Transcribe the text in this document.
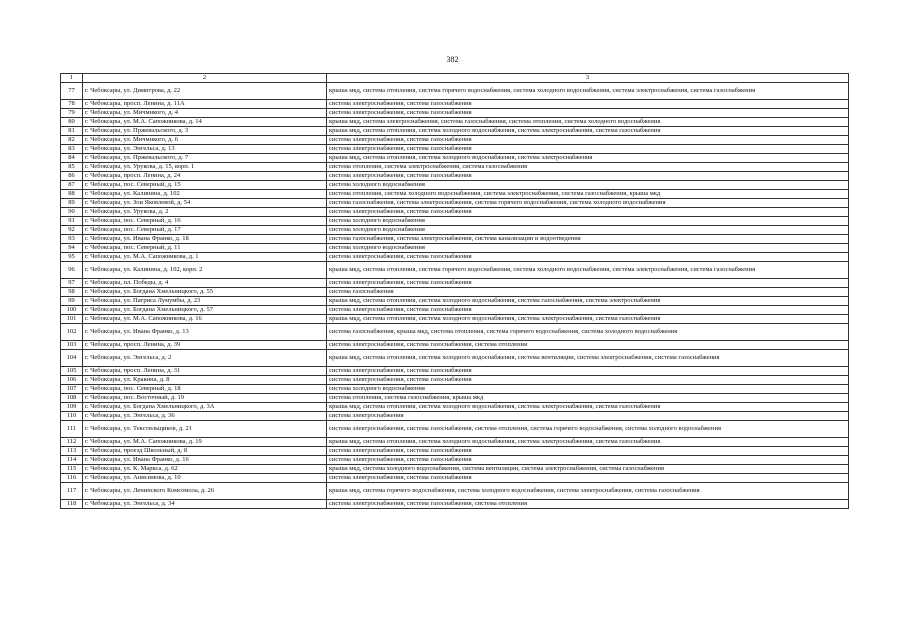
382
1	2	3
77	г. Чебоксары, ул. Димитрова, д. 22	крыша мкд, система отопления, система горячего водоснабжения, система холодного водоснабжения, система электроснабжения, система газоснабжения
78	г. Чебоксары, просп. Ленина, д. 11А	система электроснабжения, система газоснабжения
79	г. Чебоксары, ул. Мичмнкого, д. 4	система электроснабжения, система газоснабжения
80	г. Чебоксары, ул. М.А. Сапожникова, д. 14	крыша мкд, система электроснабжения, система газоснабжения, система отопления, система холодного водоснабжения
81	г. Чебоксары, ул. Пржевальского, д. 3	крыша мкд, система отопления, система холодного водоснабжения, система электроснабжения, система газоснабжения
82	г. Чебоксары, ул. Мичмнкого, д. 6	система электроснабжения, система газоснабжения
83	г. Чебоксары, ул. Энгельса, д. 13	система электроснабжения, система газоснабжения
84	г. Чебоксары, ул. Пржевальского, д. 7	крыша мкд, система отопления, система холодного водоснабжения, система электроснабжения
85	г. Чебоксары, ул. Урукова, д. 15, корп. 1	система отопления, система электроснабжения, система газоснабжения
86	г. Чебоксары, просп. Ленина, д. 24	система электроснабжения, система газоснабжения
87	г. Чебоксары, пос. Северный, д. 15	система холодного водоснабжения
88	г. Чебоксары, ул. Калинина, д. 102	система отопления, система холодного водоснабжения, система электроснабжения, система газоснабжения, крыша мкд
89	г. Чебоксары, ул. Зои Яковлевой, д. 54	система газоснабжения, система электроснабжения, система горячего водоснабжения, система холодного водоснабжения
90	г. Чебоксары, ул. Урукова, д. 2	система электроснабжения, система газоснабжения
91	г. Чебоксары, пос. Северный, д. 16	система холодного водоснабжения
92	г. Чебоксары, пос. Северный, д. 17	система холодного водоснабжения
93	г. Чебоксары, ул. Ивана Франко, д. 18	система газоснабжения, система электроснабжения, система канализации и водоотведения
94	г. Чебоксары, пос. Северный, д. 11	система холодного водоснабжения
95	г. Чебоксары, ул. М.А. Сапожникова, д. 1	система электроснабжения, система газоснабжения
96	г. Чебоксары, ул. Калинина, д. 102, корп. 2	крыша мкд, система отопления, система горячего водоснабжения, система холодного водоснабжения, система электроснабжения, система газоснабжения
97	г. Чебоксары, пл. Победы, д. 4	система электроснабжения, система газоснабжения
98	г. Чебоксары, ул. Богдана Хмельницкого, д. 55	система газоснабжения
99	г. Чебоксары, ул. Патриса Лумумбы, д. 23	крыша мкд, система отопления, система холодного водоснабжения, система газоснабжения, система электроснабжения
100	г. Чебоксары, ул. Богдана Хмельницкого, д. 57	система электроснабжения, система газоснабжения
101	г. Чебоксары, ул. М.А. Сапожникова, д. 16	крыша мкд, система отопления, система холодного водоснабжения, система электроснабжения, система газоснабжения
102	г. Чебоксары, ул. Ивана Франко, д. 13	система газоснабжения, крыша мкд, система отопления, система горячего водоснабжения, система холодного водоснабжения
103	г. Чебоксары, просп. Ленина, д. 39	система электроснабжения, система газоснабжения, система отопления
104	г. Чебоксары, ул. Энгельса, д. 2	крыша мкд, система отопления, система холодного водоснабжения, система вентиляции, система электроснабжения, система газоснабжения
105	г. Чебоксары, просп. Ленина, д. 31	система электроснабжения, система газоснабжения
106	г. Чебоксары, ул. Кракина, д. 8	система электроснабжения, система газоснабжения
107	г. Чебоксары, пос. Северный, д. 18	система холодного водоснабжения
108	г. Чебоксары, пос. Восточный, д. 19	система отопления, система газоснабжения, крыша мкд
109	г. Чебоксары, ул. Богдана Хмельницкого, д. 3А	крыша мкд, система отопления, система холодного водоснабжения, система электроснабжения, система газоснабжения
110	г. Чебоксары, ул. Энгельса, д. 36	система электроснабжения
111	г. Чебоксары, ул. Текстильщиков, д. 21	система электроснабжения, система газоснабжения, система отопления, система горячего водоснабжения, система холодного водоснабжения
112	г. Чебоксары, ул. М.А. Сапожникова, д. 19	крыша мкд, система отопления, система холодного водоснабжения, система электроснабжения, система газоснабжения
113	г. Чебоксары, проезд Школьный, д. 8	система электроснабжения, система газоснабжения
114	г. Чебоксары, ул. Ивана Франко, д. 16	система электроснабжения, система газоснабжения
115	г. Чебоксары, ул. К. Маркса, д. 62	крыша мкд, система холодного водоснабжения, система вентиляции, система электроснабжения, система газоснабжения
116	г. Чебоксары, ул. Анисимова, д. 10	система электроснабжения, система газоснабжения
117	г. Чебоксары, ул. Ленинского Комсомола, д. 26	крыша мкд, система горячего водоснабжения, система холодного водоснабжения, система электроснабжения, система газоснабжения
118	г. Чебоксары, ул. Энгельса, д. 34	система электроснабжения, система газоснабжения, система отопления
